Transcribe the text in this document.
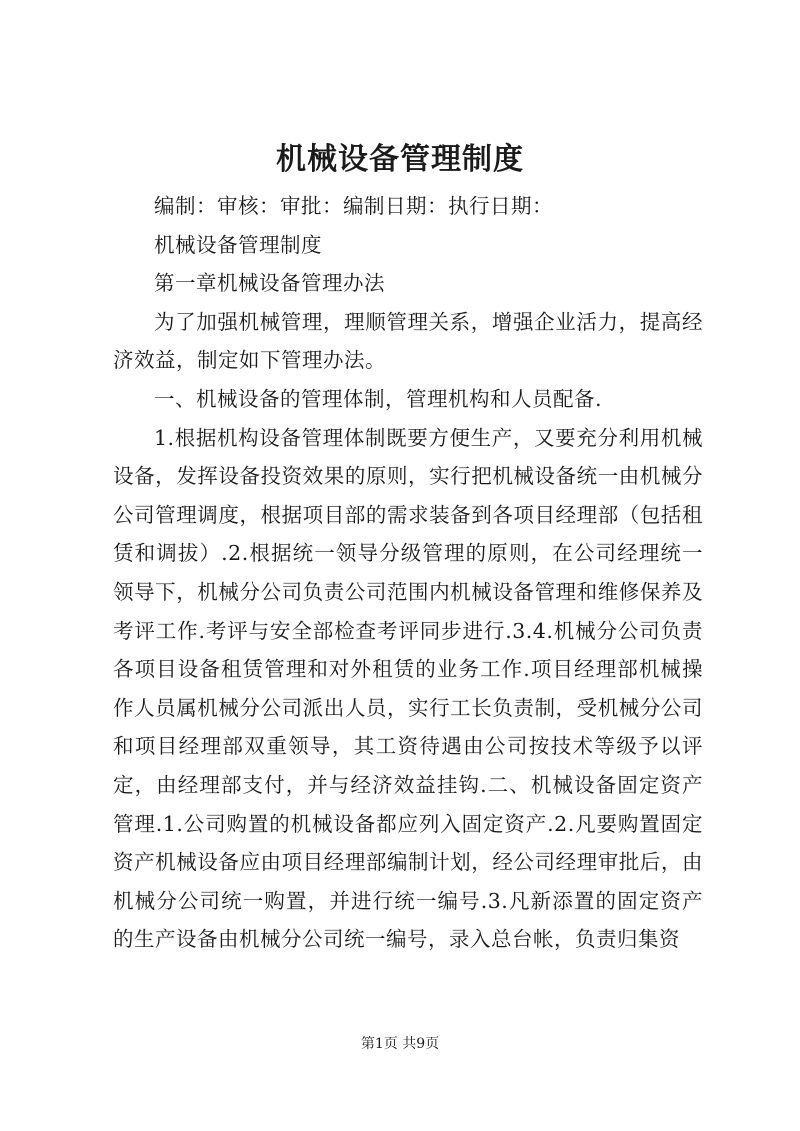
机械设备管理制度

编制：审核：审批：编制日期：执行日期：

机械设备管理制度

第一章机械设备管理办法

为了加强机械管理，理顺管理关系，增强企业活力，提高经济效益，制定如下管理办法。

一、机械设备的管理体制，管理机构和人员配备.

1.根据机构设备管理体制既要方便生产，又要充分利用机械设备，发挥设备投资效果的原则，实行把机械设备统一由机械分公司管理调度，根据项目部的需求装备到各项目经理部（包括租赁和调拔）.2.根据统一领导分级管理的原则，在公司经理统一领导下，机械分公司负责公司范围内机械设备管理和维修保养及考评工作.考评与安全部检查考评同步进行.3.4.机械分公司负责各项目设备租赁管理和对外租赁的业务工作.项目经理部机械操作人员属机械分公司派出人员，实行工长负责制，受机械分公司和项目经理部双重领导，其工资待遇由公司按技术等级予以评定，由经理部支付，并与经济效益挂钩.二、机械设备固定资产管理.1.公司购置的机械设备都应列入固定资产.2.凡要购置固定资产机械设备应由项目经理部编制计划，经公司经理审批后，由机械分公司统一购置，并进行统一编号.3.凡新添置的固定资产的生产设备由机械分公司统一编号，录入总台帐，负责归集资

第1页 共9页
